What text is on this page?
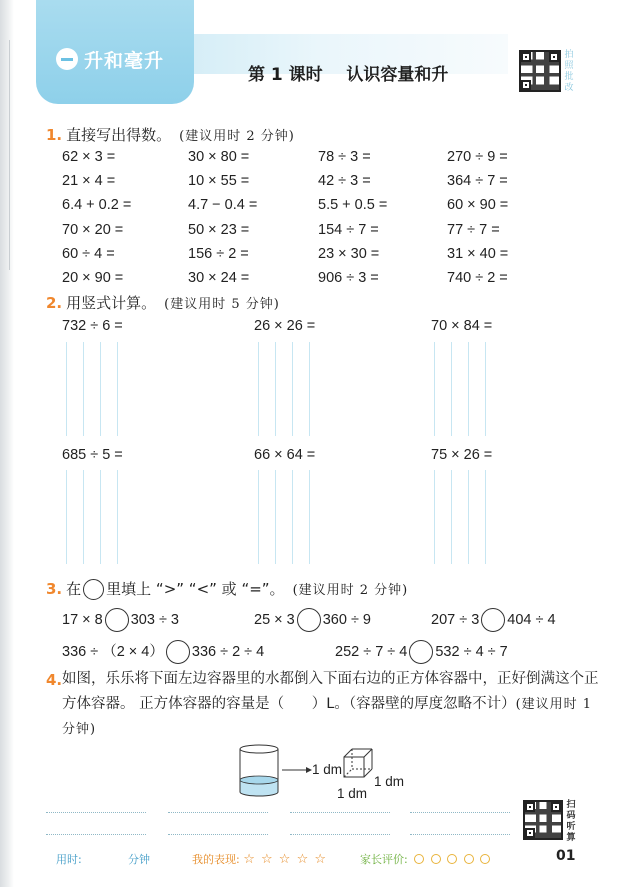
升和毫升
第 1 课时    认识容量和升
拍
照
批
改
1. 直接写出得数。 (建议用时 2 分钟)
62 × 3 =	30 × 80 =	78 ÷ 3 =	270 ÷ 9 =
21 × 4 =	10 × 55 =	42 ÷ 3 =	364 ÷ 7 =
6.4 + 0.2 =	4.7 − 0.4 =	5.5 + 0.5 =	60 × 90 =
70 × 20 =	50 × 23 =	154 ÷ 7 =	77 ÷ 7 =
60 ÷ 4 =	156 ÷ 2 =	23 × 30 =	31 × 40 =
20 × 90 =	30 × 24 =	906 ÷ 3 =	740 ÷ 2 =
2. 用竖式计算。 (建议用时 5 分钟)
732 ÷ 6 =	26 × 26 =	70 × 84 =
685 ÷ 5 =	66 × 64 =	75 × 26 =
3. 在 里填上 “>” “<” 或 “=”。 (建议用时 2 分钟)
17 × 8 303 ÷ 3	25 × 3 360 ÷ 9	207 ÷ 3 404 ÷ 4
336 ÷ （2 × 4） 336 ÷ 2 ÷ 4	252 ÷ 7 ÷ 4 532 ÷ 4 ÷ 7
4. 如图，乐乐将下面左边容器里的水都倒入下面右边的正方体容器中，正好倒满这个正
方体容器。 正方体容器的容量是（      ）L。（容器壁的厚度忽略不计）(建议用时 1
分钟)
1 dm
1 dm
1 dm
扫
码
听
算
用时:	分钟	我的表现: ☆ ☆ ☆ ☆ ☆	家长评价:	01
